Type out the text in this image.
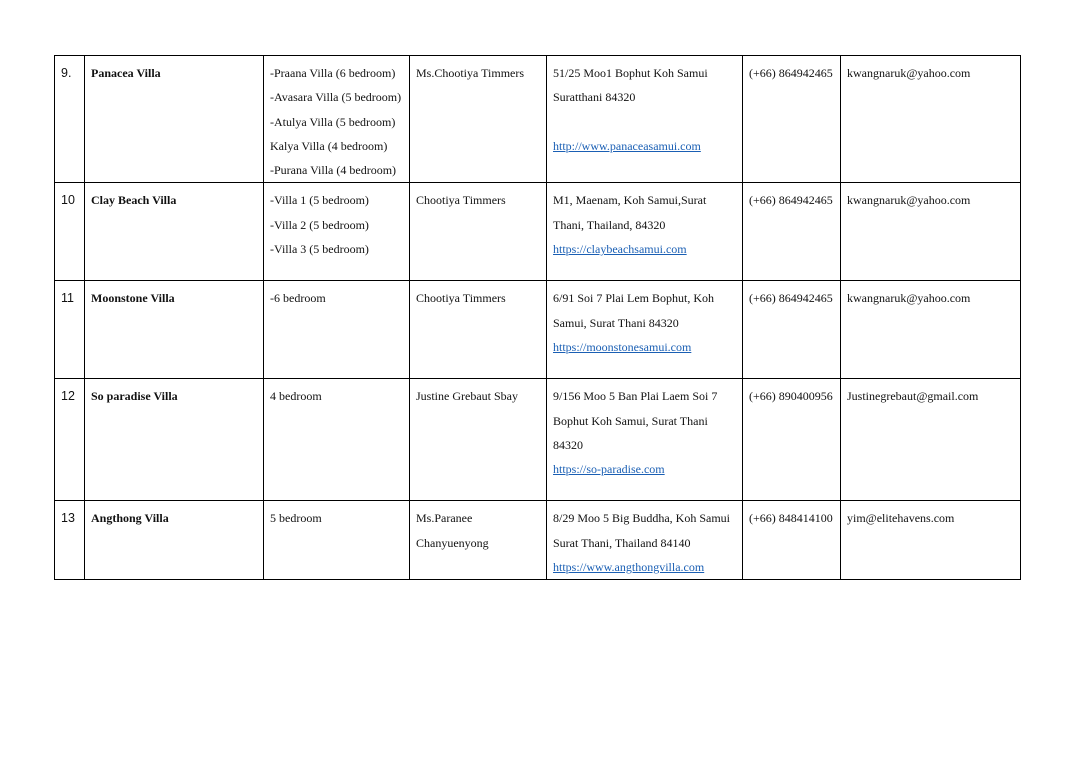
9.	Panacea Villa	-Praana Villa (6 bedroom)
-Avasara Villa (5 bedroom)
-Atulya Villa (5 bedroom)
Kalya Villa (4 bedroom)
-Purana Villa (4 bedroom)	Ms.Chootiya Timmers	51/25 Moo1 Bophut Koh Samui
Suratthani 84320
http://www.panaceasamui.com	(+66) 864942465	kwangnaruk@yahoo.com
10	Clay Beach Villa	-Villa 1 (5 bedroom)
-Villa 2 (5 bedroom)
-Villa 3 (5 bedroom)	Chootiya Timmers	M1, Maenam, Koh Samui,Surat
Thani, Thailand, 84320
https://claybeachsamui.com	(+66) 864942465	kwangnaruk@yahoo.com
11	Moonstone Villa	-6 bedroom	Chootiya Timmers	6/91 Soi 7 Plai Lem Bophut, Koh
Samui, Surat Thani 84320
https://moonstonesamui.com	(+66) 864942465	kwangnaruk@yahoo.com
12	So paradise Villa	4 bedroom	Justine Grebaut Sbay	9/156 Moo 5 Ban Plai Laem Soi 7
Bophut Koh Samui, Surat Thani
84320
https://so-paradise.com	(+66) 890400956	Justinegrebaut@gmail.com
13	Angthong Villa	5 bedroom	Ms.Paranee
Chanyuenyong	8/29 Moo 5 Big Buddha, Koh Samui
Surat Thani, Thailand 84140
https://www.angthongvilla.com	(+66) 848414100	yim@elitehavens.com
